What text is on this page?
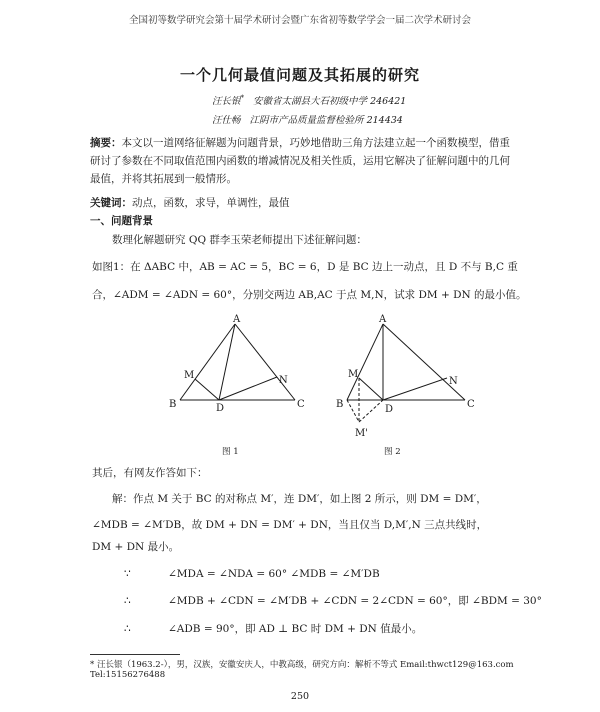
全国初等数学研究会第十届学术研讨会暨广东省初等数学学会一届二次学术研讨会
一个几何最值问题及其拓展的研究
汪长银* 安徽省太湖县大石初级中学 246421
汪仕畅 江阴市产品质量监督检验所 214434
摘要：本文以一道网络征解题为问题背景，巧妙地借助三角方法建立起一个函数模型，借重
研讨了参数在不同取值范围内函数的增减情况及相关性质，运用它解决了征解问题中的几何
最值，并将其拓展到一般情形。
关键词：动点，函数，求导，单调性，最值
一、问题背景
数理化解题研究 QQ 群李玉荣老师提出下述征解问题：
如图1：在 ΔABC 中，AB = AC = 5，BC = 6，D 是 BC 边上一动点，且 D 不与 B,C 重
合，∠ADM = ∠ADN = 60°，分别交两边 AB,AC 于点 M,N，试求 DM + DN 的最小值。
A
B	C
D
M	N
图 1
A
B	C
D
M
N
M'
图 2
其后，有网友作答如下：
解：作点 M 关于 BC 的对称点 M′，连 DM′，如上图 2 所示，则 DM = DM′，
∠MDB = ∠M′DB，故 DM + DN = DM′ + DN，当且仅当 D,M′,N 三点共线时，
DM + DN 最小。
∵	∠MDA = ∠NDA = 60° ∠MDB = ∠M′DB
∴	∠MDB + ∠CDN = ∠M′DB + ∠CDN = 2∠CDN = 60°，即 ∠BDM = 30°
∴	∠ADB = 90°，即 AD ⊥ BC 时 DM + DN 值最小。
* 汪长银（1963.2-），男，汉族，安徽安庆人，中教高级，研究方向：解析不等式 Email:thwct129@163.com
Tel:15156276488
250
